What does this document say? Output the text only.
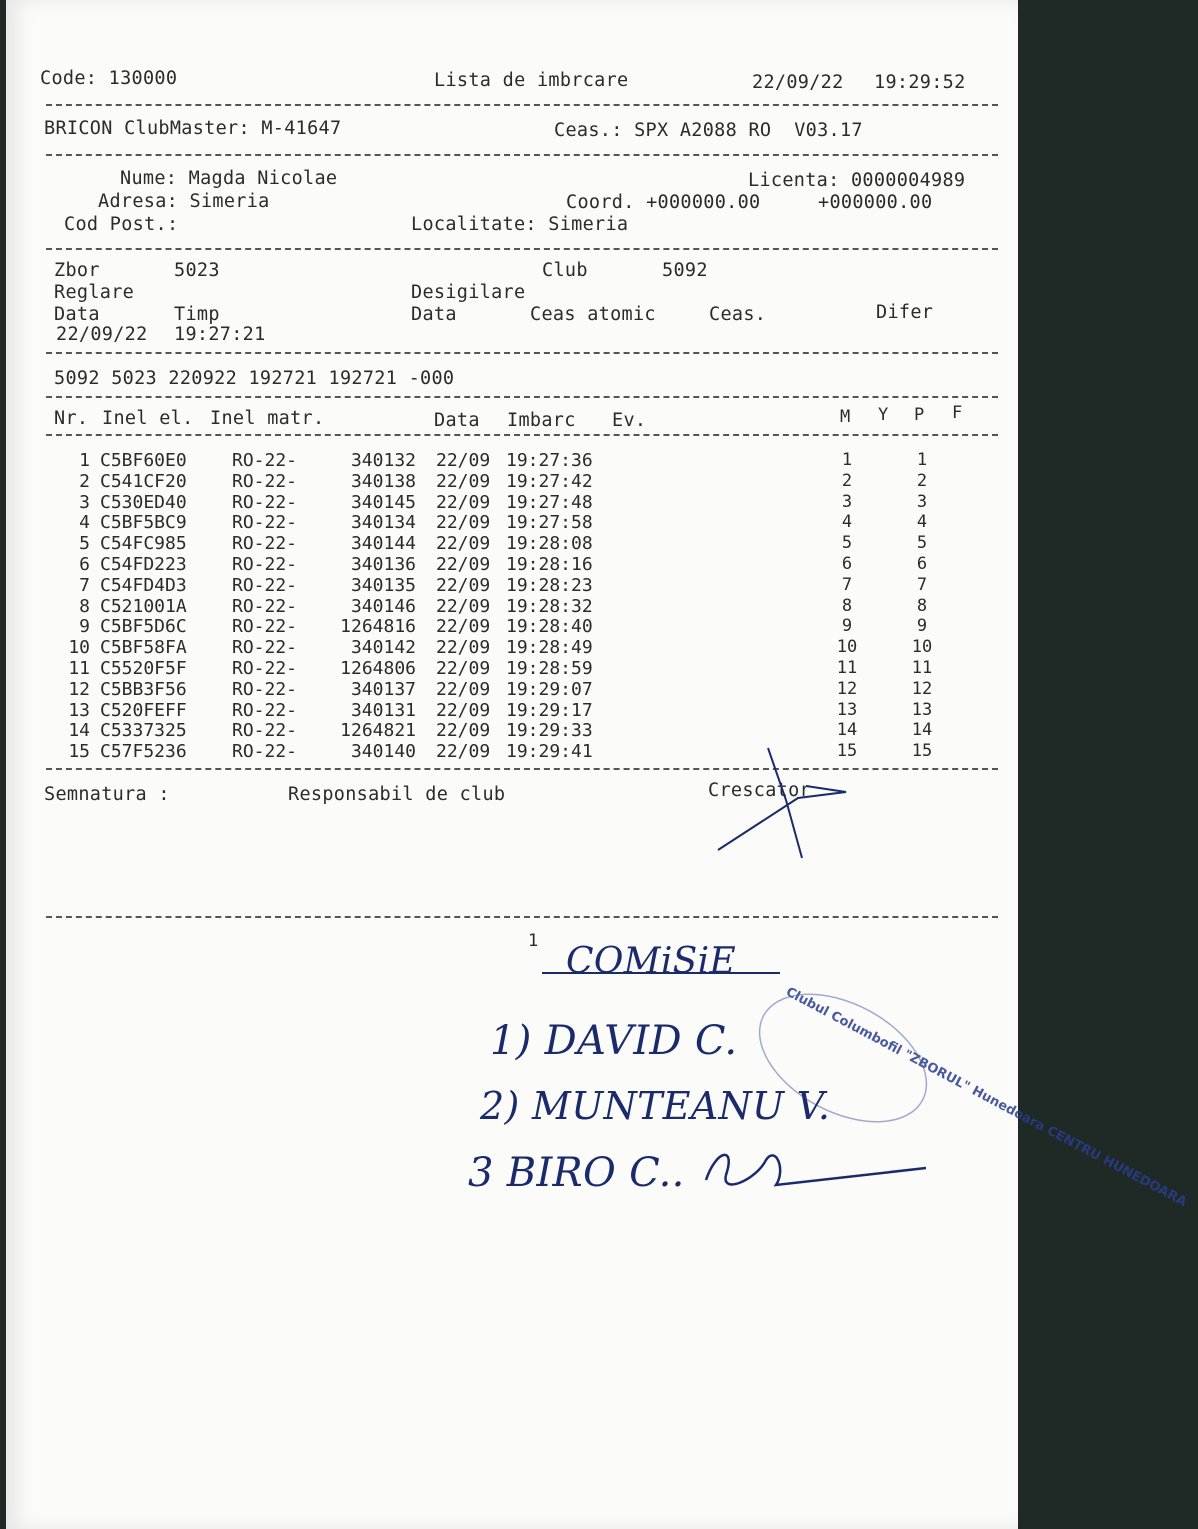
Code: 130000	Lista de imbrcare	22/09/22 19:29:52
BRICON ClubMaster: M-41647	Ceas.: SPX A2088 RO  V03.17
Nume: Magda Nicolae	Licenta: 0000004989
Adresa: Simeria	Coord. +000000.00	+000000.00
Cod Post.:	Localitate: Simeria
Zbor	5023	Club	5092
Reglare	Desigilare
Data	Timp	Data	Ceas atomic	Ceas.	Difer
22/09/22 19:27:21
5092 5023 220922 192721 192721 -000
Nr. Inel el. Inel matr.	Data Imbarc Ev.	M Y P F
1 C5BF60E0	RO-22-	340132 22/09 19:27:36	1	1
2 C541CF20	RO-22-	340138 22/09 19:27:42	2	2
3 C530ED40	RO-22-	340145 22/09 19:27:48	3	3
4 C5BF5BC9	RO-22-	340134 22/09 19:27:58	4	4
5 C54FC985	RO-22-	340144 22/09 19:28:08	5	5
6 C54FD223	RO-22-	340136 22/09 19:28:16	6	6
7 C54FD4D3	RO-22-	340135 22/09 19:28:23	7	7
8 C521001A	RO-22-	340146 22/09 19:28:32	8	8
9 C5BF5D6C	RO-22-	1264816 22/09 19:28:40	9	9
10 C5BF58FA	RO-22-	340142 22/09 19:28:49	10	10
11 C5520F5F	RO-22-	1264806 22/09 19:28:59	11	11
12 C5BB3F56	RO-22-	340137 22/09 19:29:07	12	12
13 C520FEFF	RO-22-	340131 22/09 19:29:17	13	13
14 C5337325	RO-22-	1264821 22/09 19:29:33	14	14
15 C57F5236	RO-22-	340140 22/09 19:29:41	15	15
Semnatura :	Responsabil de club	Crescator
1 COMiSiE
1) DAVID C.
2) MUNTEANU V.
3 BIRO C..	Clubul Columbofil "ZBORUL" Hunedoara CENTRU HUNEDOARA
